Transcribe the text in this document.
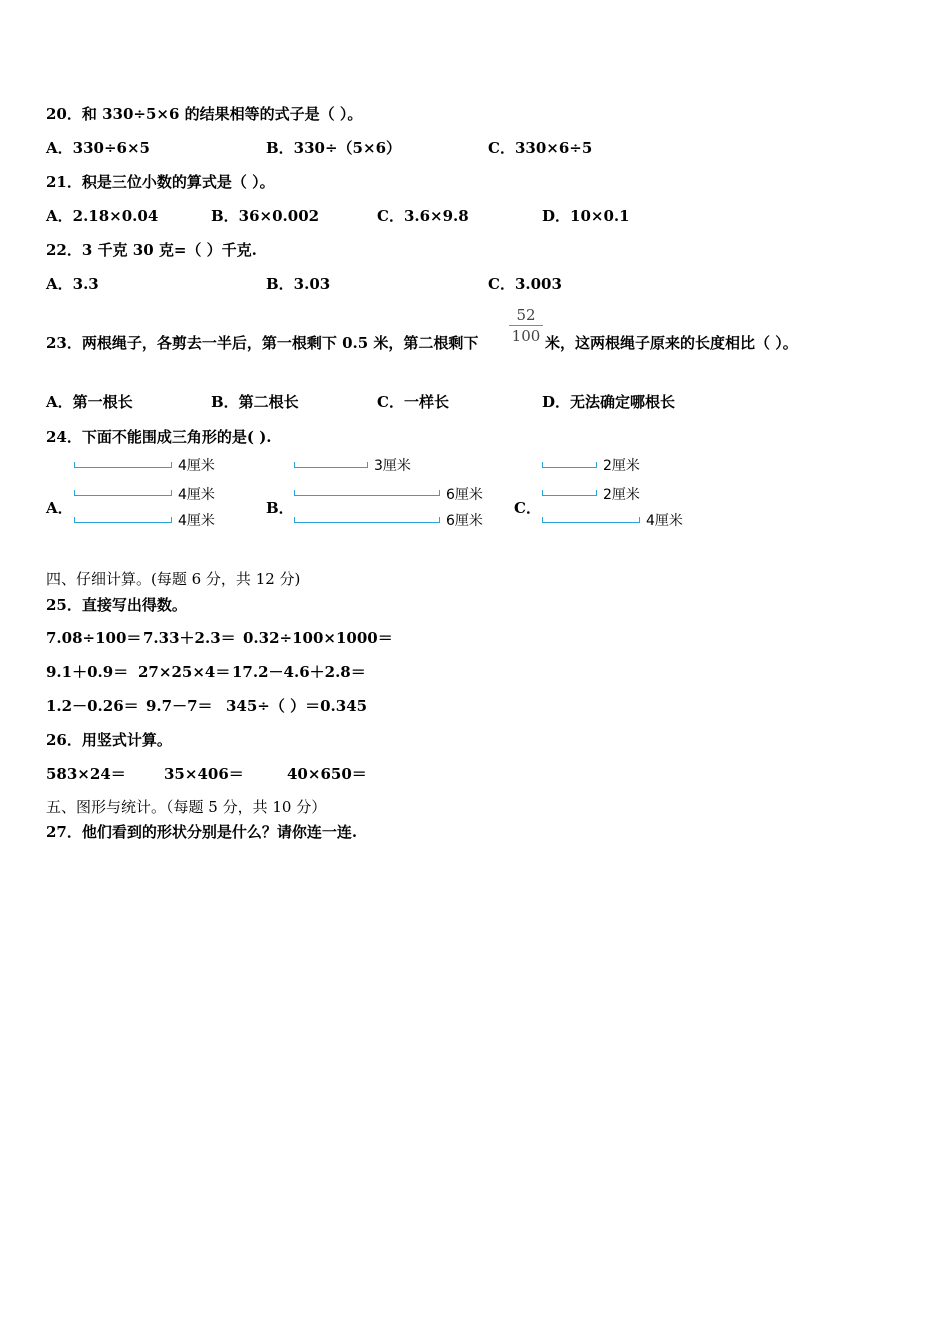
20．和 330÷5×6 的结果相等的式子是（ ）。
A．330÷6×5	B．330÷（5×6）	C．330×6÷5
21．积是三位小数的算式是（ ）。
A．2.18×0.04	B．36×0.002	C．3.6×9.8	D．10×0.1
22．3 千克 30 克=（ ）千克.
A．3.3	B．3.03	C．3.003
23．两根绳子，各剪去一半后，第一根剩下 0.5 米，第二根剩下
52
100 米，这两根绳子原来的长度相比（ ）。
A．第一根长	B．第二根长	C．一样长	D．无法确定哪根长
24．下面不能围成三角形的是( ).
A．
4厘米
4厘米
4厘米
B．
3厘米
6厘米
6厘米
C．
2厘米
2厘米
4厘米
四、仔细计算。(每题 6 分，共 12 分)
25．直接写出得数。
7.08÷100＝ 7.33＋2.3＝ 0.32÷100×1000＝
9.1＋0.9＝ 27×25×4＝ 17.2－4.6＋2.8＝
1.2－0.26＝ 9.7－7＝ 345÷（ ）＝0.345
26．用竖式计算。
583×24＝	35×406＝	40×650＝
五、图形与统计。（每题 5 分，共 10 分）
27．他们看到的形状分别是什么？请你连一连.
